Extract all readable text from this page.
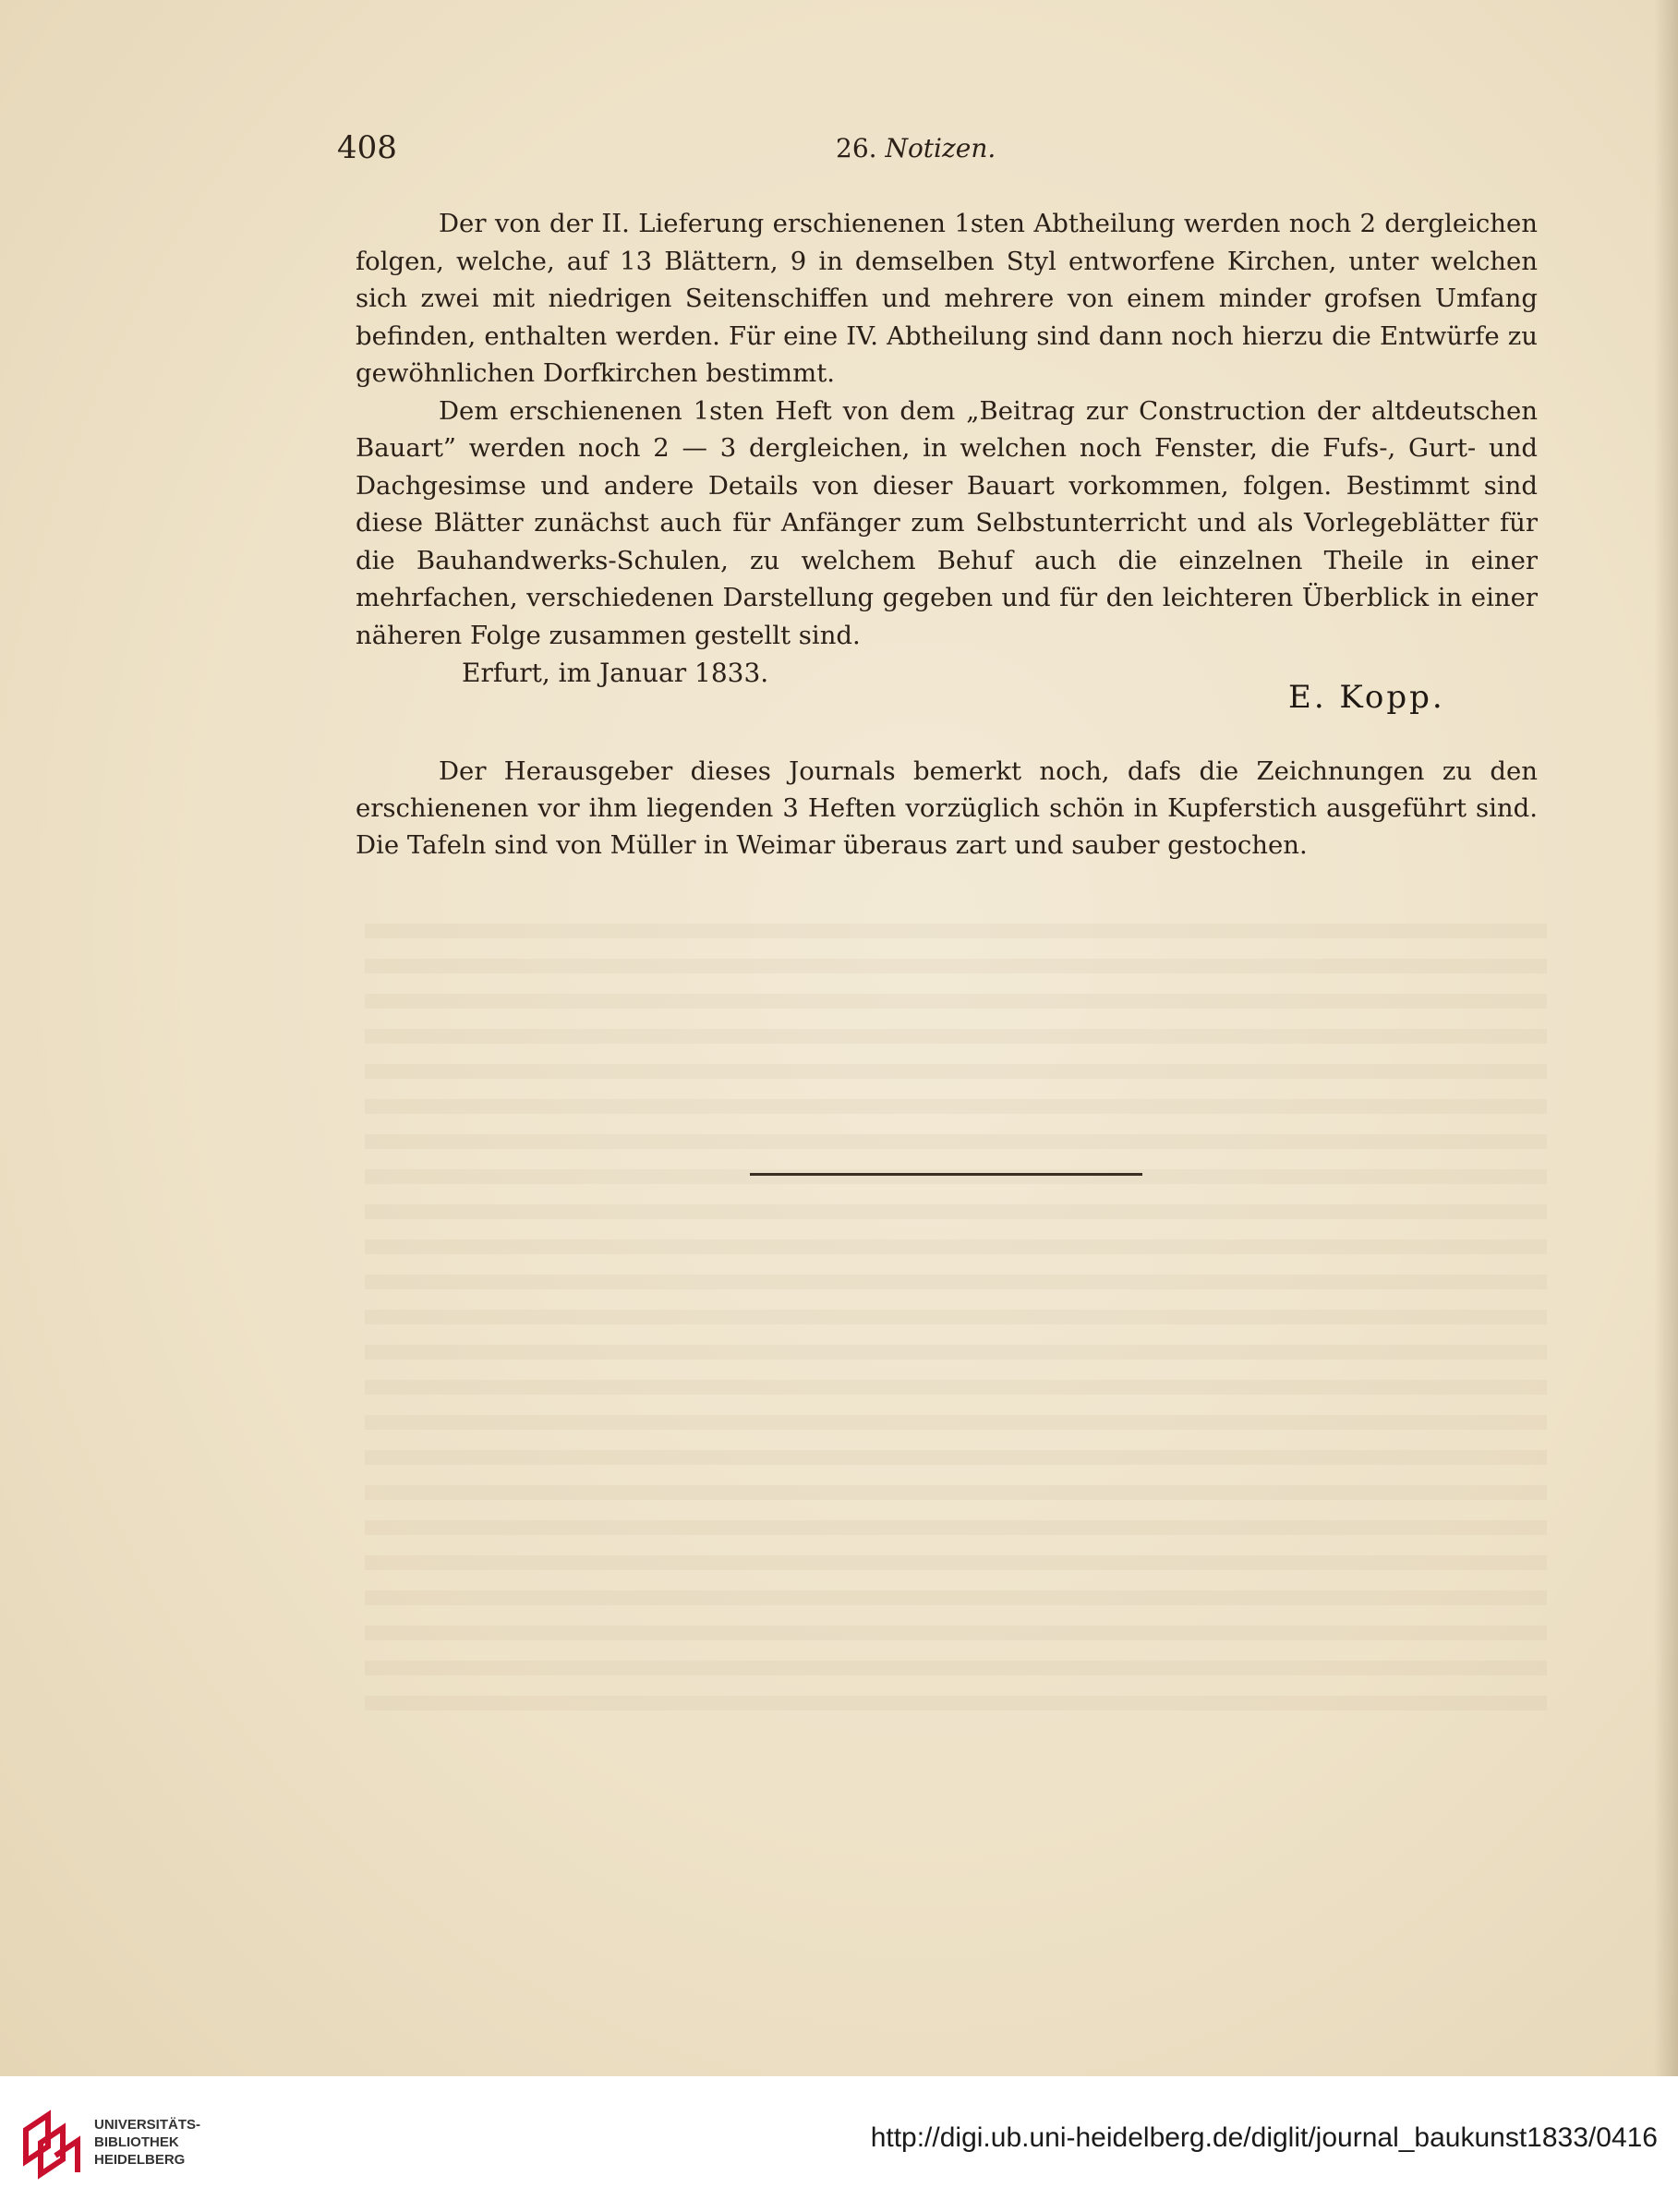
408	26. Notizen.

Der von der II. Lieferung erschienenen 1sten Abtheilung werden noch 2 dergleichen folgen, welche, auf 13 Blättern, 9 in demselben Styl entworfene Kirchen, unter welchen sich zwei mit niedrigen Seitenschiffen und mehrere von einem minder grofsen Umfang befinden, enthalten werden. Für eine IV. Abtheilung sind dann noch hierzu die Entwürfe zu gewöhnlichen Dorfkirchen bestimmt.

Dem erschienenen 1sten Heft von dem „Beitrag zur Construction der altdeutschen Bauart” werden noch 2 — 3 dergleichen, in welchen noch Fenster, die Fufs-, Gurt- und Dachgesimse und andere Details von dieser Bauart vorkommen, folgen. Bestimmt sind diese Blätter zunächst auch für Anfänger zum Selbstunterricht und als Vorlegeblätter für die Bauhandwerks-Schulen, zu welchem Behuf auch die einzelnen Theile in einer mehrfachen, verschiedenen Darstellung gegeben und für den leichteren Überblick in einer näheren Folge zusammen gestellt sind.

Erfurt, im Januar 1833.
E. Kopp.

Der Herausgeber dieses Journals bemerkt noch, dafs die Zeichnungen zu den erschienenen vor ihm liegenden 3 Heften vorzüglich schön in Kupferstich ausgeführt sind. Die Tafeln sind von Müller in Weimar überaus zart und sauber gestochen.

UNIVERSITÄTS-
BIBLIOTHEK
HEIDELBERG
http://digi.ub.uni-heidelberg.de/diglit/journal_baukunst1833/0416
